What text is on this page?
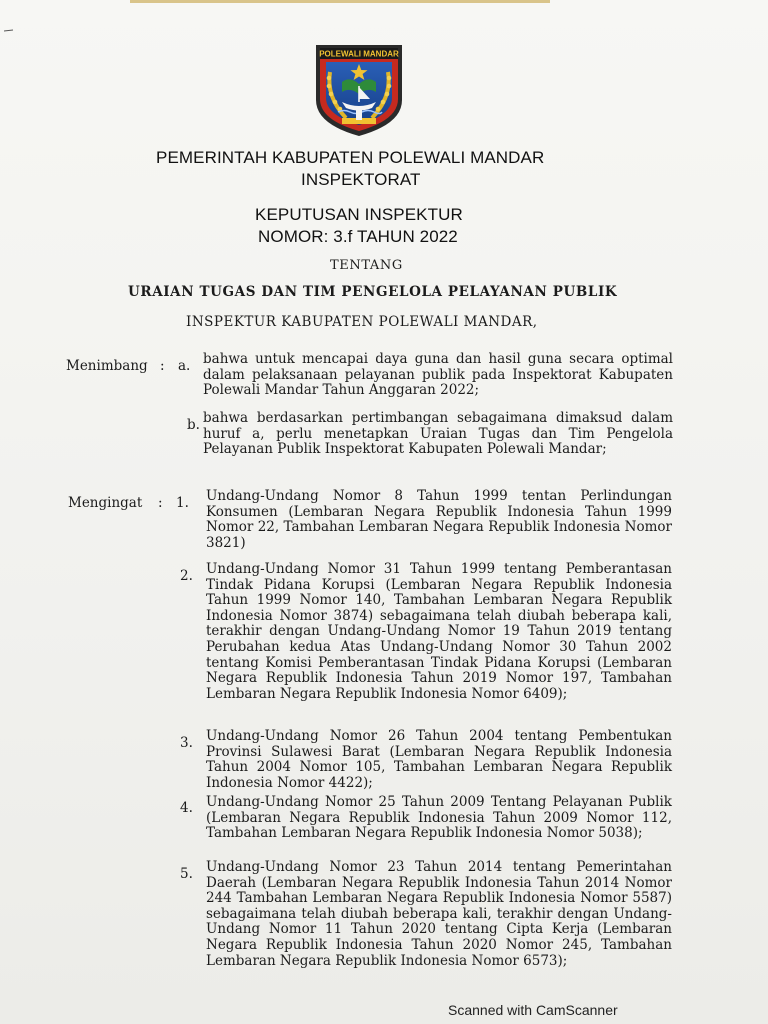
POLEWALI MANDAR
PEMERINTAH KABUPATEN POLEWALI MANDAR
INSPEKTORAT
KEPUTUSAN INSPEKTUR
NOMOR: 3.f TAHUN 2022
TENTANG
URAIAN TUGAS DAN TIM PENGELOLA PELAYANAN PUBLIK
INSPEKTUR KABUPATEN POLEWALI MANDAR,
Menimbang : a. bahwa untuk mencapai daya guna dan hasil guna secara optimal dalam pelaksanaan pelayanan publik pada Inspektorat Kabupaten Polewali Mandar Tahun Anggaran 2022;
b. bahwa berdasarkan pertimbangan sebagaimana dimaksud dalam huruf a, perlu menetapkan Uraian Tugas dan Tim Pengelola Pelayanan Publik Inspektorat Kabupaten Polewali Mandar;
Mengingat : 1. Undang-Undang Nomor 8 Tahun 1999 tentan Perlindungan Konsumen (Lembaran Negara Republik Indonesia Tahun 1999 Nomor 22, Tambahan Lembaran Negara Republik Indonesia Nomor 3821)
2. Undang-Undang Nomor 31 Tahun 1999 tentang Pemberantasan Tindak Pidana Korupsi (Lembaran Negara Republik Indonesia Tahun 1999 Nomor 140, Tambahan Lembaran Negara Republik Indonesia Nomor 3874) sebagaimana telah diubah beberapa kali, terakhir dengan Undang-Undang Nomor 19 Tahun 2019 tentang Perubahan kedua Atas Undang-Undang Nomor 30 Tahun 2002 tentang Komisi Pemberantasan Tindak Pidana Korupsi (Lembaran Negara Republik Indonesia Tahun 2019 Nomor 197, Tambahan Lembaran Negara Republik Indonesia Nomor 6409);
3. Undang-Undang Nomor 26 Tahun 2004 tentang Pembentukan Provinsi Sulawesi Barat (Lembaran Negara Republik Indonesia Tahun 2004 Nomor 105, Tambahan Lembaran Negara Republik Indonesia Nomor 4422);
4. Undang-Undang Nomor 25 Tahun 2009 Tentang Pelayanan Publik (Lembaran Negara Republik Indonesia Tahun 2009 Nomor 112, Tambahan Lembaran Negara Republik Indonesia Nomor 5038);
5. Undang-Undang Nomor 23 Tahun 2014 tentang Pemerintahan Daerah (Lembaran Negara Republik Indonesia Tahun 2014 Nomor 244 Tambahan Lembaran Negara Republik Indonesia Nomor 5587) sebagaimana telah diubah beberapa kali, terakhir dengan Undang-Undang Nomor 11 Tahun 2020 tentang Cipta Kerja (Lembaran Negara Republik Indonesia Tahun 2020 Nomor 245, Tambahan Lembaran Negara Republik Indonesia Nomor 6573);
Scanned with CamScanner
